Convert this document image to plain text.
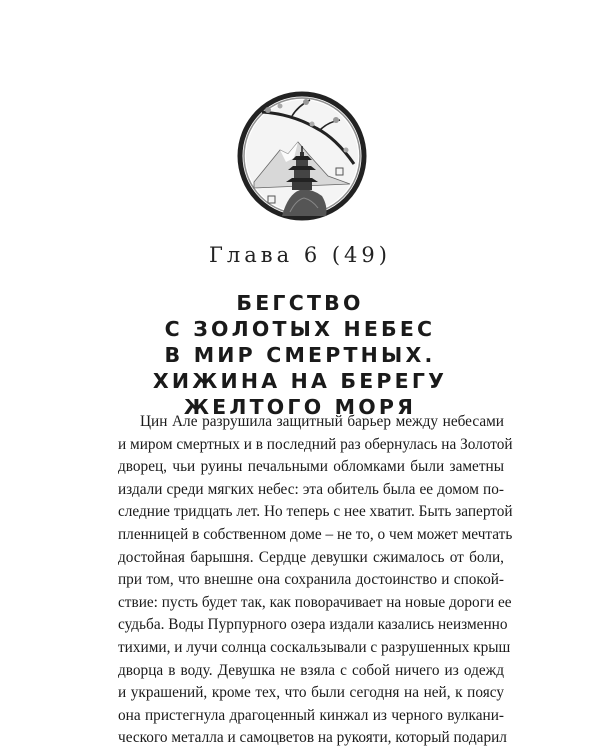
Глава 6 (49)
БЕГСТВО
С ЗОЛОТЫХ НЕБЕС
В МИР СМЕРТНЫХ.
ХИЖИНА НА БЕРЕГУ
ЖЕЛТОГО МОРЯ
Цин Але разрушила защитный барьер между небесами
и миром смертных и в последний раз обернулась на Золотой
дворец, чьи руины печальными обломками были заметны
издали среди мягких небес: эта обитель была ее домом по-
следние тридцать лет. Но теперь с нее хватит. Быть запертой
пленницей в собственном доме – не то, о чем может мечтать
достойная барышня. Сердце девушки сжималось от боли,
при том, что внешне она сохранила достоинство и спокой-
ствие: пусть будет так, как поворачивает на новые дороги ее
судьба. Воды Пурпурного озера издали казались неизменно
тихими, и лучи солнца соскальзывали с разрушенных крыш
дворца в воду. Девушка не взяла с собой ничего из одежд
и украшений, кроме тех, что были сегодня на ней, к поясу
она пристегнула драгоценный кинжал из черного вулкани-
ческого металла и самоцветов на рукояти, который подарил
